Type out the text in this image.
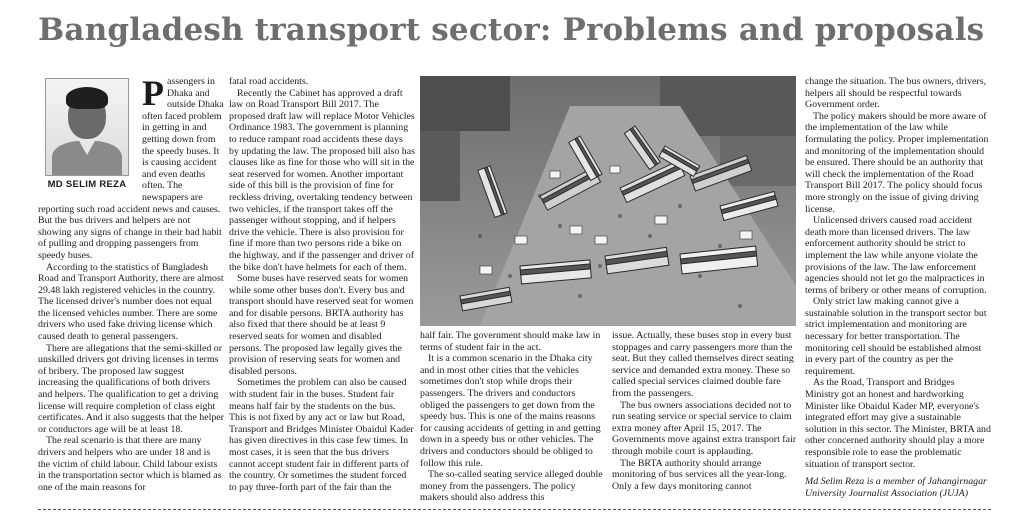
Bangladesh transport sector: Problems and proposals
MD SELIM REZA

Passengers in Dhaka and outside Dhaka often faced problem in getting in and getting down from the speedy buses. It is causing accident and even deaths often. The newspapers are reporting such road accident news and causes. But the bus drivers and helpers are not showing any signs of change in their bad habit of pulling and dropping passengers from speedy buses.

According to the statistics of Bangladesh Road and Transport Authority, there are almost 29.48 lakh registered vehicles in the country. The licensed driver's number does not equal the licensed vehicles number. There are some drivers who used fake driving license which caused death to general passengers.

There are allegations that the semi-skilled or unskilled drivers got driving licenses in terms of bribery. The proposed law suggest increasing the qualifications of both drivers and helpers. The qualification to get a driving license will require completion of class eight certificates. And it also suggests that the helper or conductors age will be at least 18.

The real scenario is that there are many drivers and helpers who are under 18 and is the victim of child labour. Child labour exists in the transportation sector which is blamed as one of the main reasons for

fatal road accidents.

Recently the Cabinet has approved a draft law on Road Transport Bill 2017. The proposed draft law will replace Motor Vehicles Ordinance 1983. The government is planning to reduce rampant road accidents these days by updating the law. The proposed bill also has clauses like as fine for those who will sit in the seat reserved for women. Another important side of this bill is the provision of fine for reckless driving, overtaking tendency between two vehicles, if the transport takes off the passenger without stopping, and if helpers drive the vehicle. There is also provision for fine if more than two persons ride a bike on the highway, and if the passenger and driver of the bike don't have helmets for each of them.

Some buses have reserved seats for women while some other buses don't. Every bus and transport should have reserved seat for women and for disable persons. BRTA authority has also fixed that there should be at least 9 reserved seats for women and disabled persons. The proposed law legally gives the provision of reserving seats for women and disabled persons.

Sometimes the problem can also be caused with student fair in the buses. Student fair means half fair by the students on the bus. This is not fixed by any act or law but Road, Transport and Bridges Minister Obaidul Kader has given directives in this case few times. In most cases, it is seen that the bus drivers cannot accept student fair in different parts of the country. Or sometimes the student forced to pay three-forth part of the fair than the

half fair. The government should make law in terms of student fair in the act.

It is a common scenario in the Dhaka city and in most other cities that the vehicles sometimes don't stop while drops their passengers. The drivers and conductors obliged the passengers to get down from the speedy bus. This is one of the mains reasons for causing accidents of getting in and getting down in a speedy bus or other vehicles. The drivers and conductors should be obliged to follow this rule.

The so-called seating service alleged double money from the passengers. The policy makers should also address this

issue. Actually, these buses stop in every bust stoppages and carry passengers more than the seat. But they called themselves direct seating service and demanded extra money. These so called special services claimed double fare from the passengers.

The bus owners associations decided not to run seating service or special service to claim extra money after April 15, 2017. The Governments move against extra transport fair through mobile court is applauding.

The BRTA authority should arrange monitoring of bus services all the year-long. Only a few days monitoring cannot

change the situation. The bus owners, drivers, helpers all should be respectful towards Government order.

The policy makers should be more aware of the implementation of the law while formulating the policy. Proper implementation and monitoring of the implementation should be ensured. There should be an authority that will check the implementation of the Road Transport Bill 2017. The policy should focus more strongly on the issue of giving driving license.

Unlicensed drivers caused road accident death more than licensed drivers. The law enforcement authority should be strict to implement the law while anyone violate the provisions of the law. The law enforcement agencies should not let go the malpractices in terms of bribery or other means of corruption.

Only strict law making cannot give a sustainable solution in the transport sector but strict implementation and monitoring are necessary for better transportation. The monitoring cell should be established almost in every part of the country as per the requirement.

As the Road, Transport and Bridges Ministry got an honest and hardworking Minister like Obaidul Kader MP, everyone's integrated effort may give a sustainable solution in this sector. The Minister, BRTA and other concerned authority should play a more responsible role to ease the problematic situation of transport sector.

Md Selim Reza is a member of Jahangirnagar University Journalist Association (JUJA)
